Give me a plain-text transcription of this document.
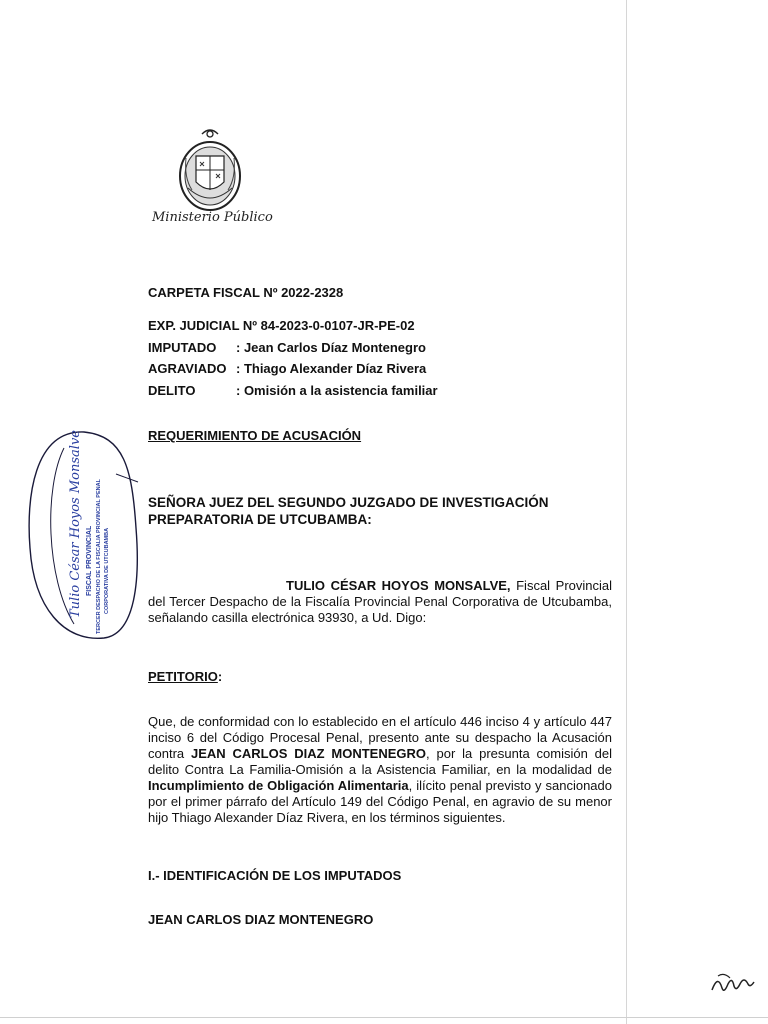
Ministerio Público
CARPETA FISCAL Nº 2022-2328
EXP. JUDICIAL Nº 84-2023-0-0107-JR-PE-02
IMPUTADO : Jean Carlos Díaz Montenegro
AGRAVIADO : Thiago Alexander Díaz Rivera
DELITO	: Omisión a la asistencia familiar
REQUERIMIENTO DE ACUSACIÓN
SEÑORA JUEZ DEL SEGUNDO JUZGADO DE INVESTIGACIÓN PREPARATORIA DE UTCUBAMBA:
TULIO CÉSAR HOYOS MONSALVE, Fiscal Provincial del Tercer Despacho de la Fiscalía Provincial Penal Corporativa de Utcubamba, señalando casilla electrónica 93930, a Ud. Digo:
PETITORIO:
Que, de conformidad con lo establecido en el artículo 446 inciso 4 y artículo 447 inciso 6 del Código Procesal Penal, presento ante su despacho la Acusación contra JEAN CARLOS DIAZ MONTENEGRO, por la presunta comisión del delito Contra La Familia-Omisión a la Asistencia Familiar, en la modalidad de Incumplimiento de Obligación Alimentaria, ilícito penal previsto y sancionado por el primer párrafo del Artículo 149 del Código Penal, en agravio de su menor hijo Thiago Alexander Díaz Rivera, en los términos siguientes.
I.- IDENTIFICACIÓN DE LOS IMPUTADOS
JEAN CARLOS DIAZ MONTENEGRO
Tulio César Hoyos Monsalve FISCAL PROVINCIAL TERCER DESPACHO DE LA FISCALIA PROVINCIAL PENAL CORPORATIVA DE UTCUBAMBA
